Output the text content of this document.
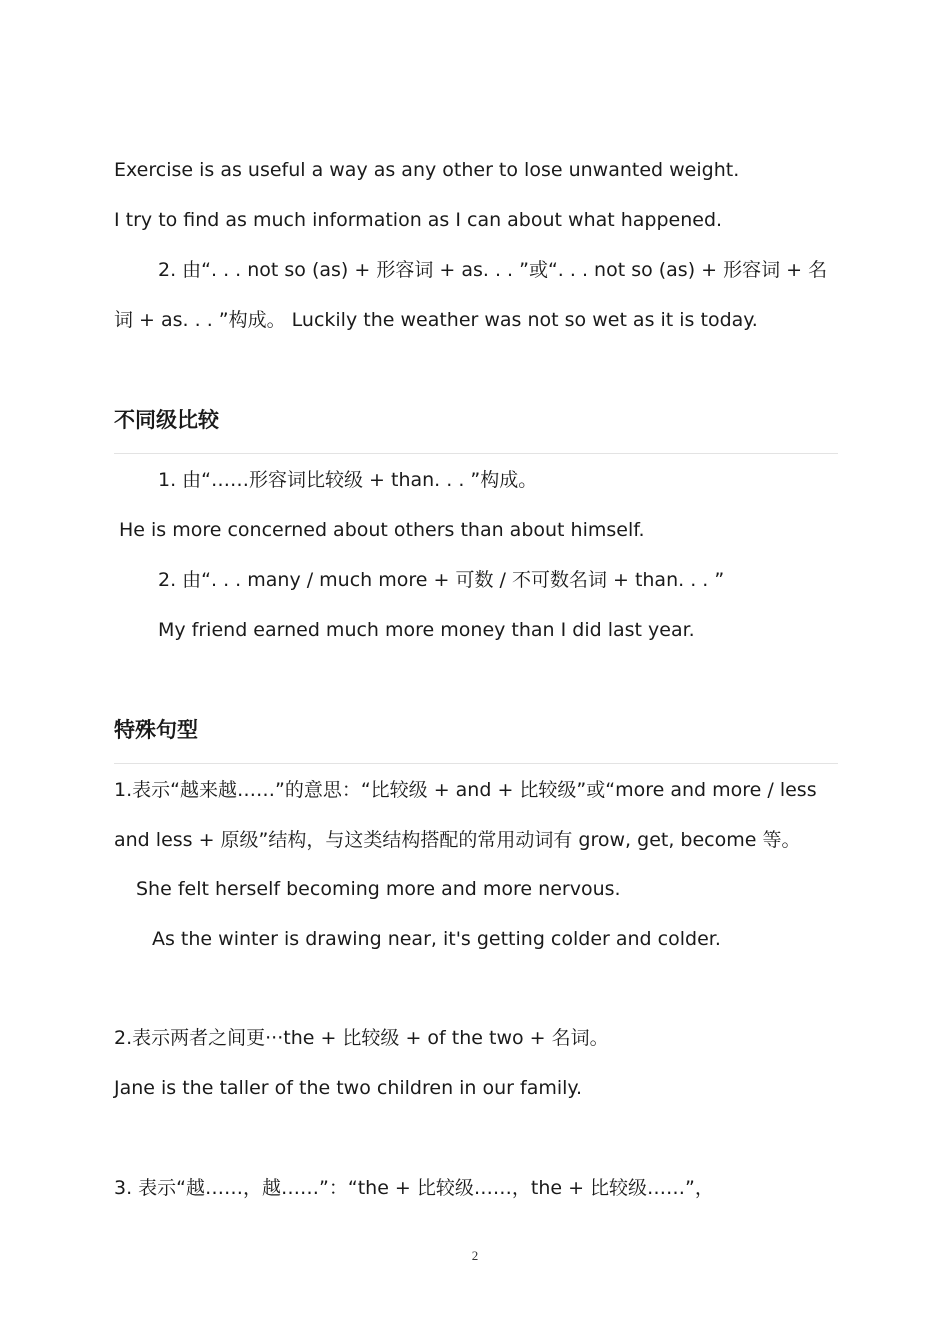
Exercise is as useful a way as any other to lose unwanted weight.
I try to find as much information as I can about what happened.
2. 由“. . . not so (as) + 形容词 + as. . . ”或“. . . not so (as) + 形容词 + 名
词 + as. . . ”构成。 Luckily the weather was not so wet as it is today.
不同级比较
1. 由“……形容词比较级 + than. . . ”构成。
He is more concerned about others than about himself.
2. 由“. . . many / much more + 可数 / 不可数名词 + than. . . ”
My friend earned much more money than I did last year.
特殊句型
1.表示“越来越……”的意思：“比较级 + and + 比较级”或“more and more / less
and less + 原级”结构，与这类结构搭配的常用动词有 grow, get, become 等。
She felt herself becoming more and more nervous.
As the winter is drawing near, it's getting colder and colder.
2.表示两者之间更···the + 比较级 + of the two + 名词。
Jane is the taller of the two children in our family.
3. 表示“越……，越……”：“the + 比较级……，the + 比较级……”，
2
